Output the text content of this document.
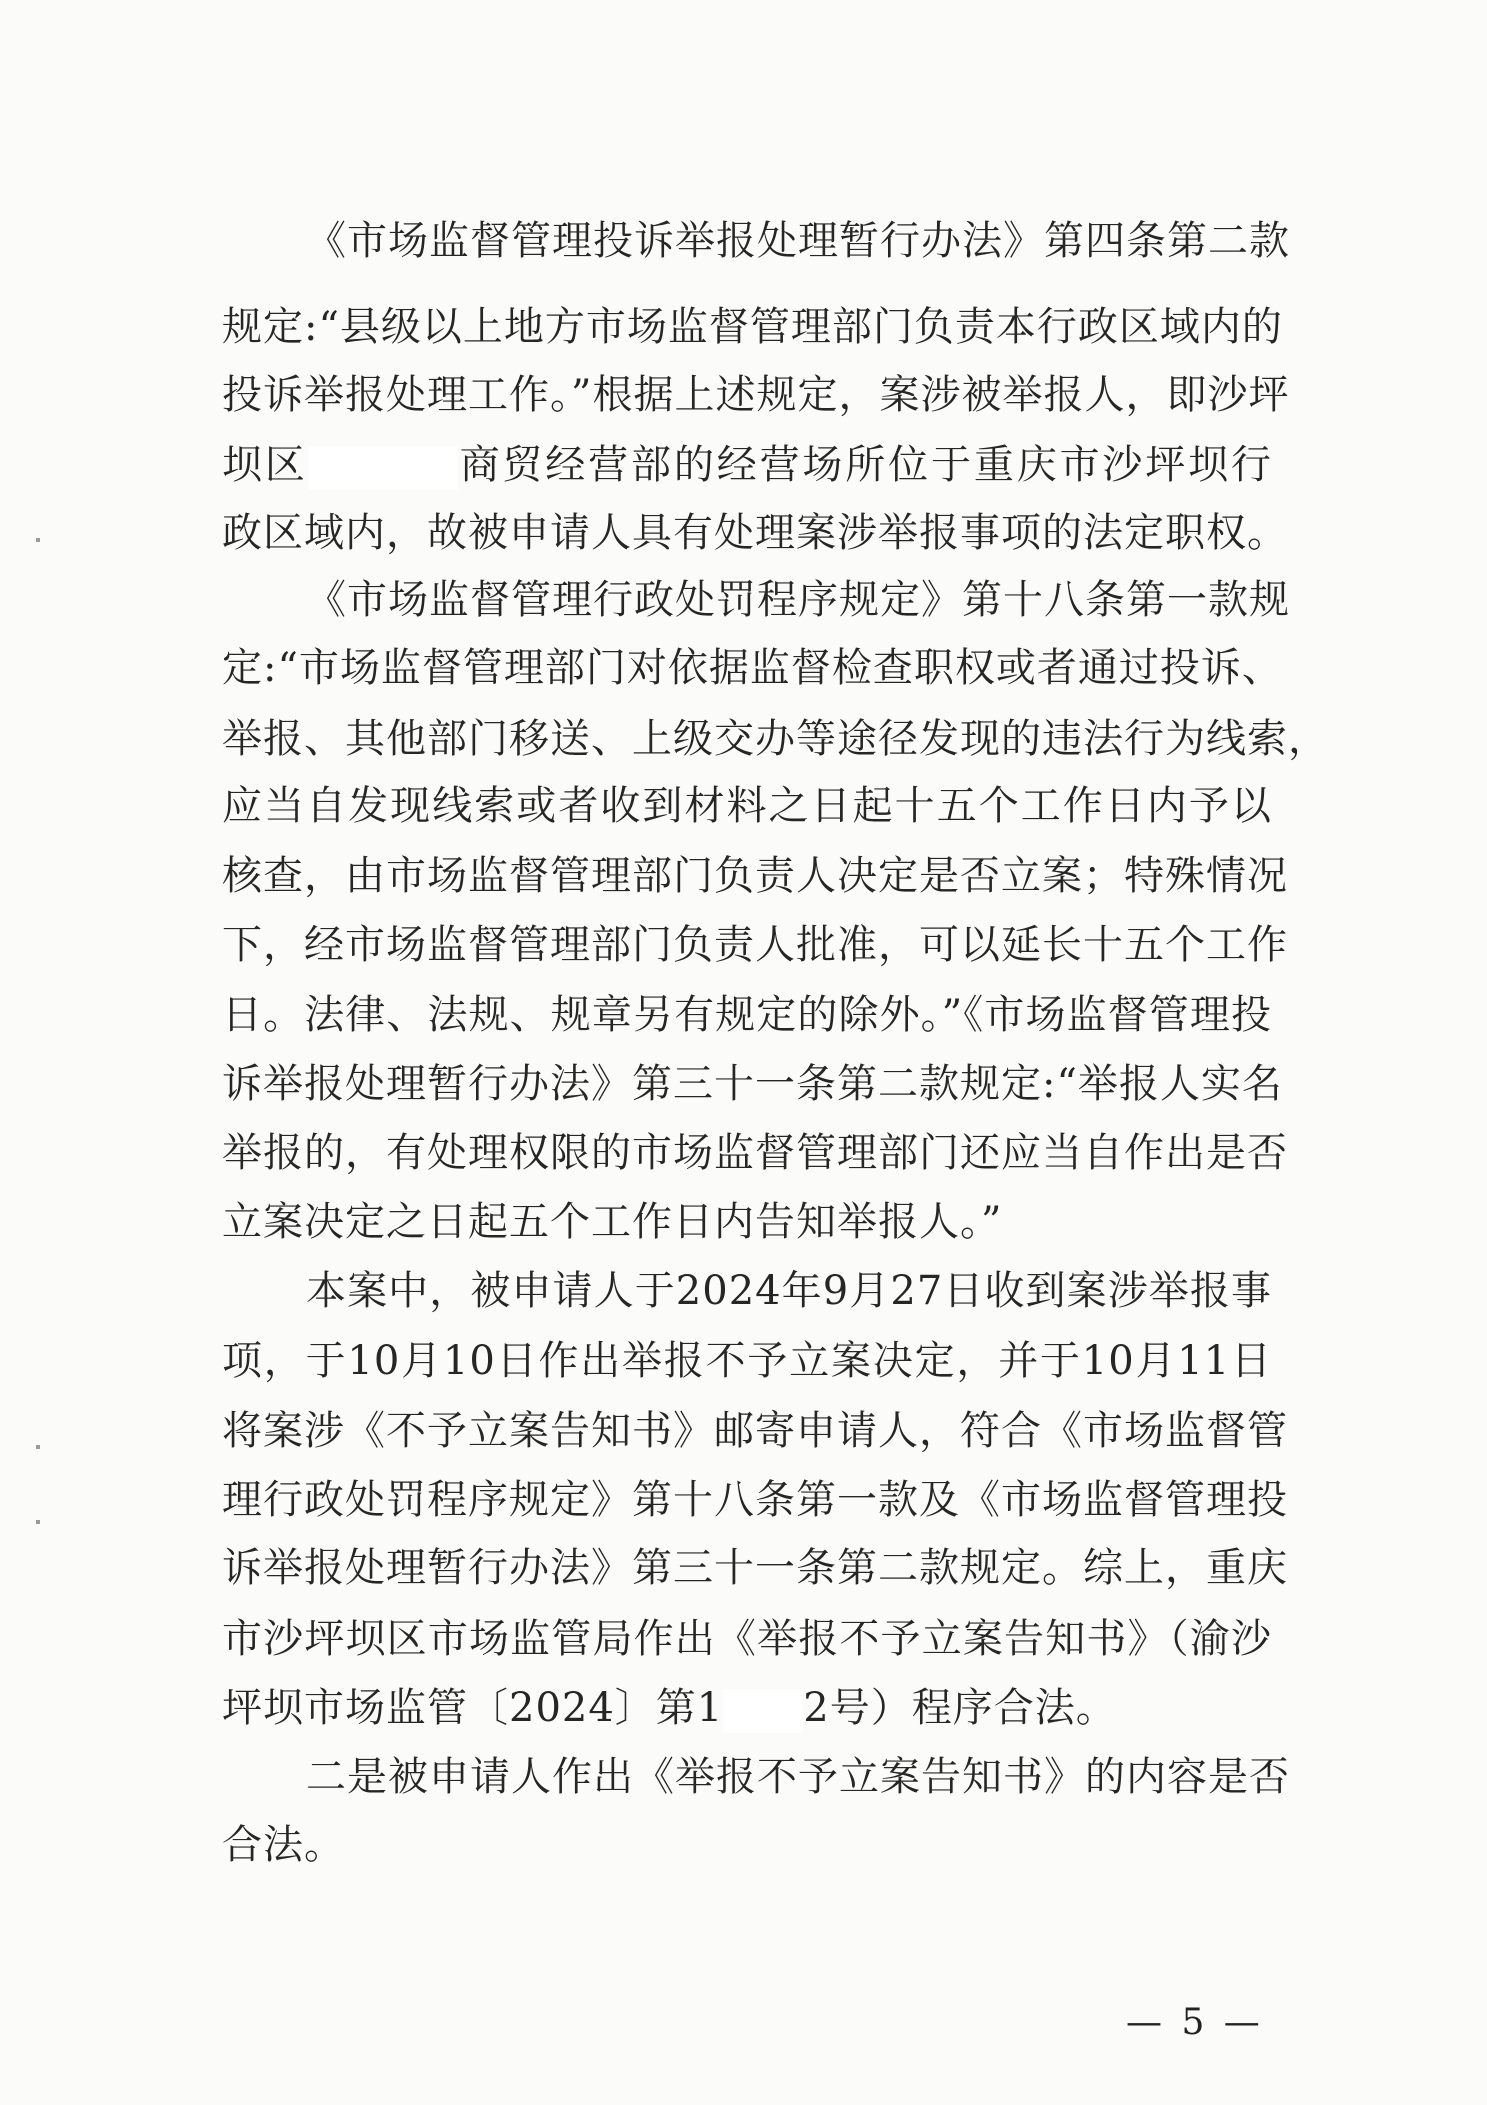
《市场监督管理投诉举报处理暂行办法》第四条第二款
规定:“县级以上地方市场监督管理部门负责本行政区域内的
投诉举报处理工作。”根据上述规定，案涉被举报人，即沙坪
坝区	商贸经营部的经营场所位于重庆市沙坪坝行
政区域内，故被申请人具有处理案涉举报事项的法定职权。
《市场监督管理行政处罚程序规定》第十八条第一款规
定:“市场监督管理部门对依据监督检查职权或者通过投诉、
举报、其他部门移送、上级交办等途径发现的违法行为线索，
应当自发现线索或者收到材料之日起十五个工作日内予以
核查，由市场监督管理部门负责人决定是否立案；特殊情况
下，经市场监督管理部门负责人批准，可以延长十五个工作
日。法律、法规、规章另有规定的除外。”《市场监督管理投
诉举报处理暂行办法》第三十一条第二款规定:“举报人实名
举报的，有处理权限的市场监督管理部门还应当自作出是否
立案决定之日起五个工作日内告知举报人。”
本案中，被申请人于2024年9月27日收到案涉举报事
项，于10月10日作出举报不予立案决定，并于10月11日
将案涉《不予立案告知书》邮寄申请人，符合《市场监督管
理行政处罚程序规定》第十八条第一款及《市场监督管理投
诉举报处理暂行办法》第三十一条第二款规定。综上，重庆
市沙坪坝区市场监管局作出《举报不予立案告知书》（渝沙
坪坝市场监管〔2024〕第1 2号）程序合法。
二是被申请人作出《举报不予立案告知书》的内容是否
合法。
— 5 —
